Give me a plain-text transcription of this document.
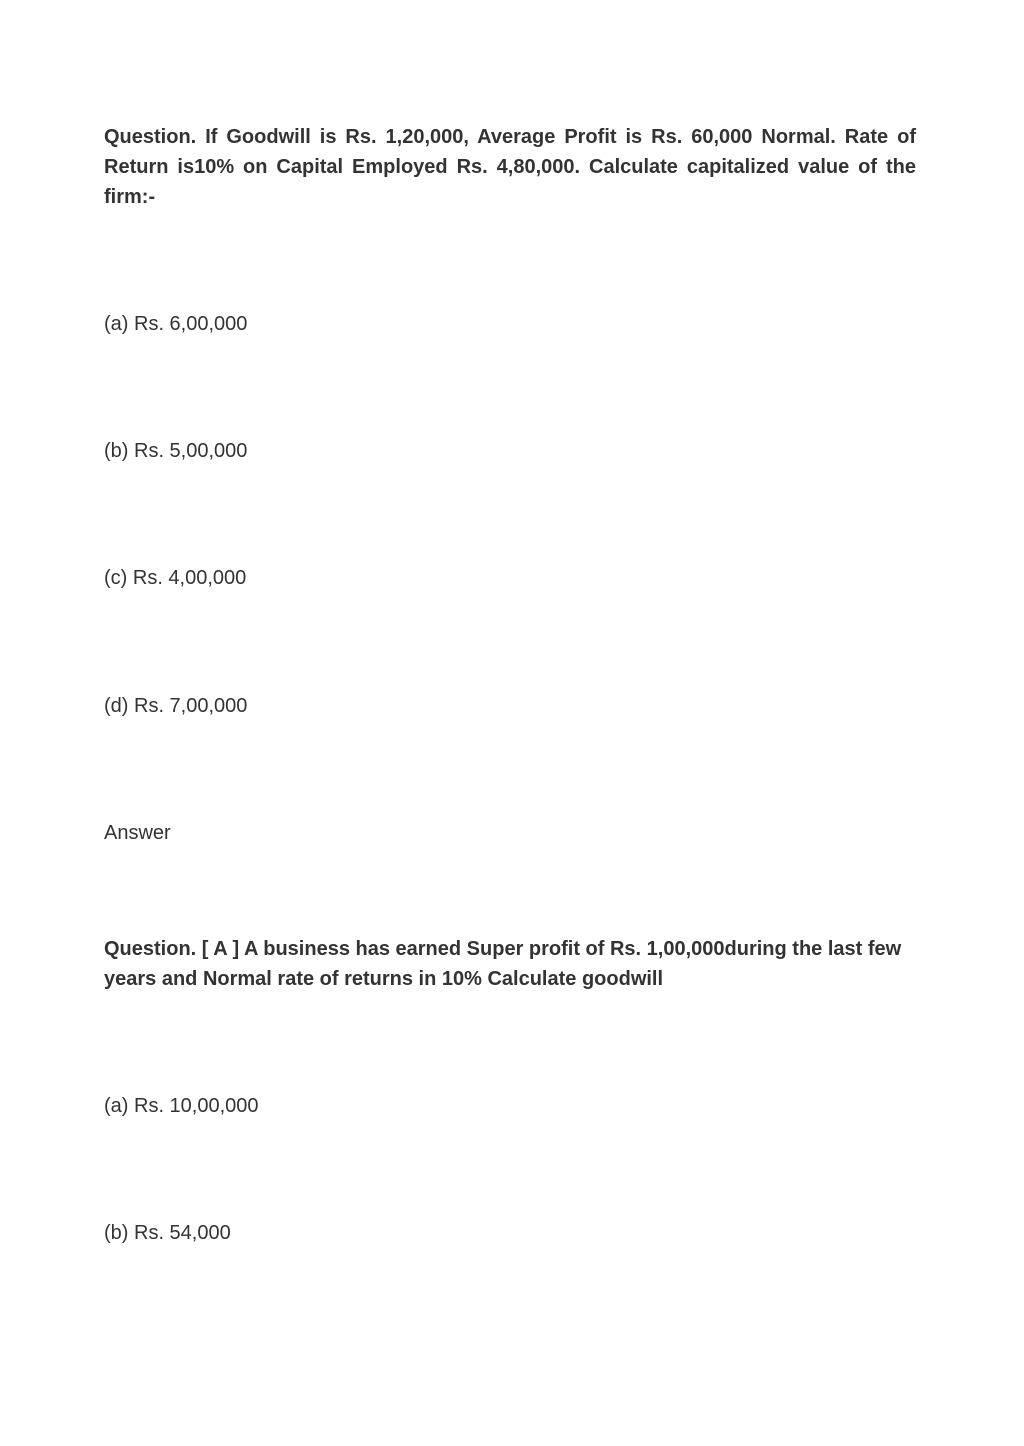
Question. If Goodwill is Rs. 1,20,000, Average Profit is Rs. 60,000 Normal. Rate of Return is10% on Capital Employed Rs. 4,80,000. Calculate capitalized value of the firm:-

(a) Rs. 6,00,000

(b) Rs. 5,00,000

(c) Rs. 4,00,000

(d) Rs. 7,00,000

Answer

Question. [ A ] A business has earned Super profit of Rs. 1,00,000during the last few years and Normal rate of returns in 10% Calculate goodwill

(a) Rs. 10,00,000

(b) Rs. 54,000
